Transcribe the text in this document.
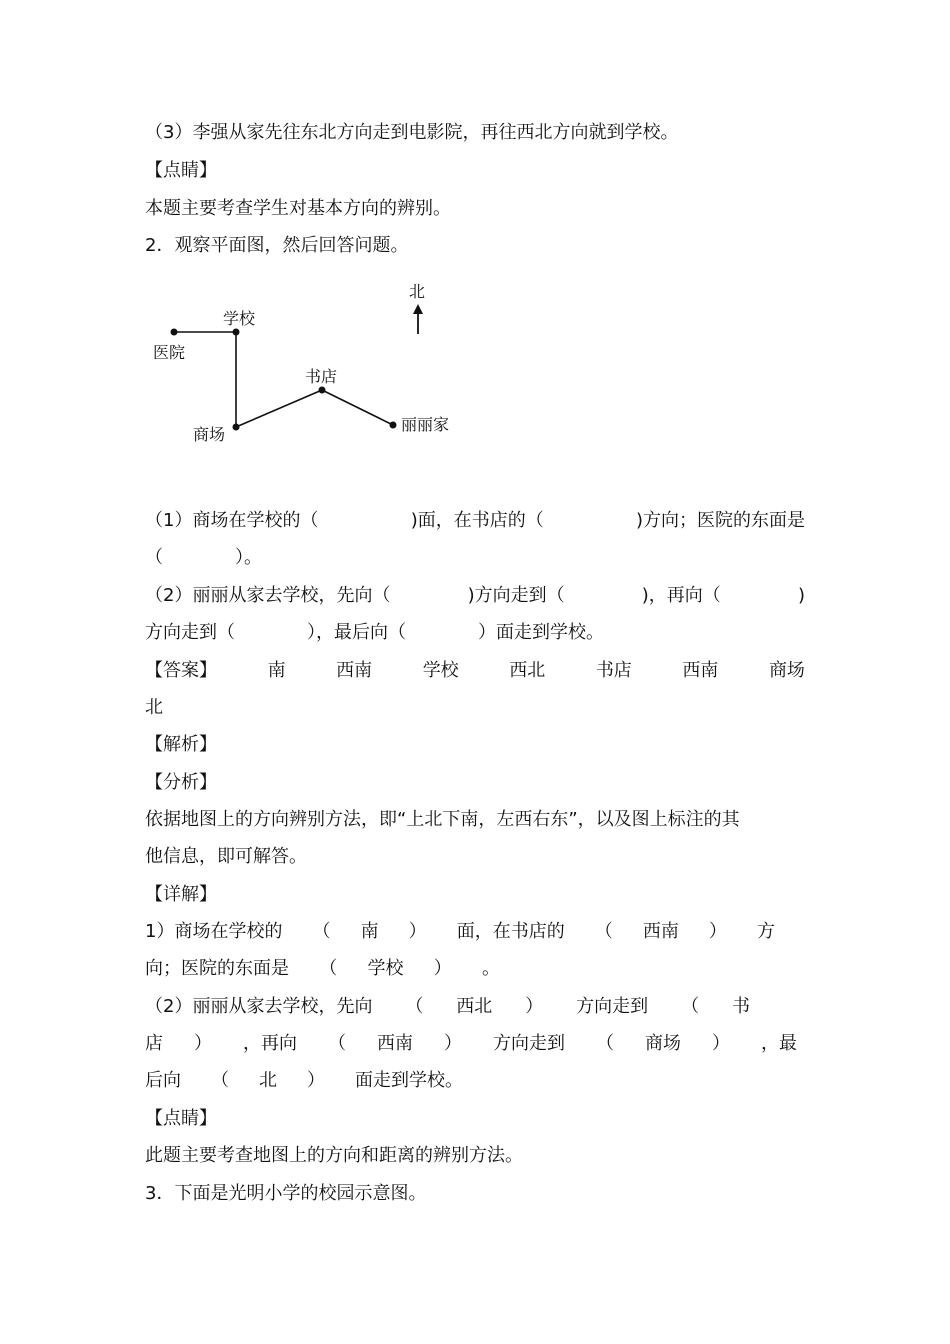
（3）李强从家先往东北方向走到电影院，再往西北方向就到学校。
【点睛】
本题主要考查学生对基本方向的辨别。
2．观察平面图，然后回答问题。
学校
医院
书店
商场
丽丽家
北
（1）商场在学校的（	)面，在书店的（	)方向；医院的东面是
（　　　　）。
（2）丽丽从家去学校，先向（	)方向走到（	)，再向（	)
方向走到（　　　　），最后向（　　　　）面走到学校。
【答案】	南	西南	学校	西北	书店	西南	商场
北
【解析】
【分析】
依据地图上的方向辨别方法，即“上北下南，左西右东”，以及图上标注的其
他信息，即可解答。
【详解】
1）商场在学校的 （ 南 ） 面，在书店的 （ 西南 ） 方
向；医院的东面是 （ 学校 ） 。
（2）丽丽从家去学校，先向 （ 西北 ） 方向走到 （ 书
店 ） ，再向 （ 西南 ） 方向走到 （ 商场 ） ，最
后向 （ 北 ） 面走到学校。
【点睛】
此题主要考查地图上的方向和距离的辨别方法。
3．下面是光明小学的校园示意图。
